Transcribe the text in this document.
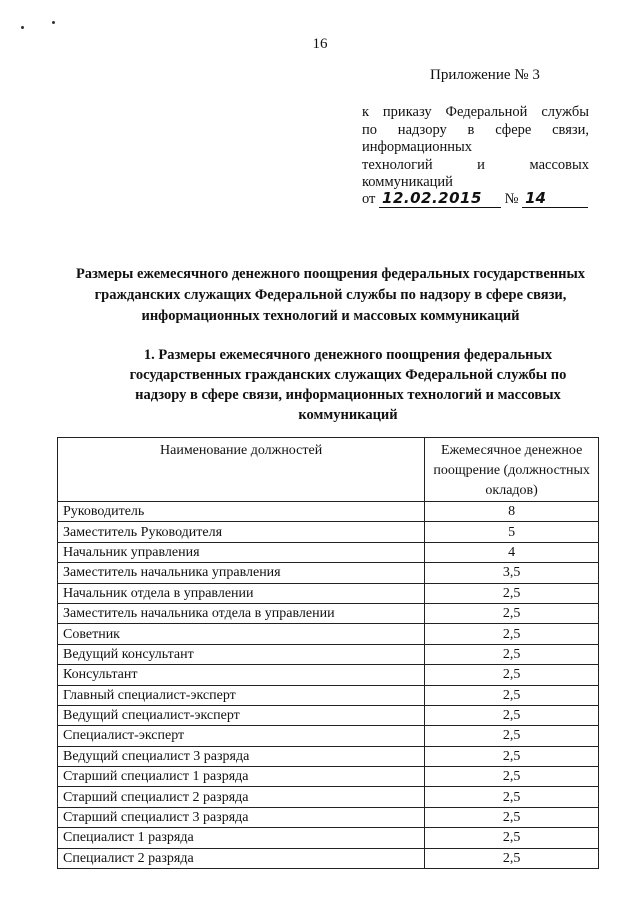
16
Приложение № 3
к приказу Федеральной службы
по надзору в сфере связи,
информационных
технологий и массовых
коммуникаций
от 12.02.2015 № 14
Размеры ежемесячного денежного поощрения федеральных государственных гражданских служащих Федеральной службы по надзору в сфере связи, информационных технологий и массовых коммуникаций
1. Размеры ежемесячного денежного поощрения федеральных государственных гражданских служащих Федеральной службы по надзору в сфере связи, информационных технологий и массовых коммуникаций
Наименование должностей	Ежемесячное денежное поощрение (должностных окладов)
Руководитель	8
Заместитель Руководителя	5
Начальник управления	4
Заместитель начальника управления	3,5
Начальник отдела в управлении	2,5
Заместитель начальника отдела в управлении	2,5
Советник	2,5
Ведущий консультант	2,5
Консультант	2,5
Главный специалист-эксперт	2,5
Ведущий специалист-эксперт	2,5
Специалист-эксперт	2,5
Ведущий специалист 3 разряда	2,5
Старший специалист 1 разряда	2,5
Старший специалист 2 разряда	2,5
Старший специалист 3 разряда	2,5
Специалист 1 разряда	2,5
Специалист 2 разряда	2,5
